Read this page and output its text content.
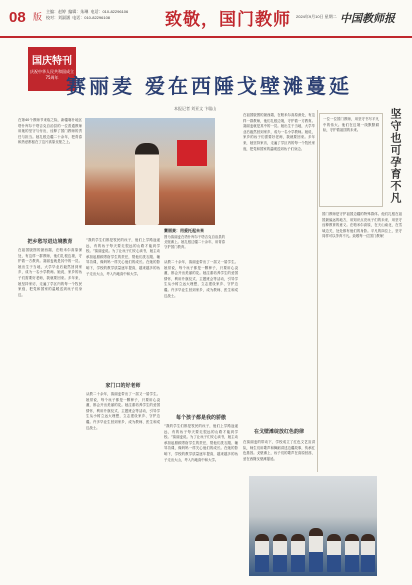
08 版
主编：赵婷  编辑：朱琳  电话：010-82296106
校对：刘淑涵  电话：010-82296108	致敬，国门教师 2024年9月10日 星期二 中国教师报
国庆特刊
庆祝中华人民共和国成立75周年 赛丽麦 爱在西陲戈壁滩蔓延
本报记者 刘亚文 卞聪山
赛丽麦：用爱托起未来
图为赛丽麦在塔什库尔干塔吉克自治县的戈壁滩上。她扎根边疆二十余年，用青春守护国门教育。
在第40个教师节来临之际，新疆喀什地区塔什库尔干塔吉克自治县的一位普通教师用她的坚守与付出，诠释了国门教师的责任与担当。她扎根边疆二十余年，把青春和热爱都留在了这片高原戈壁之上。
把乡愁写进边境教育
在祖国版图的最西端，在帕米尔高原深处，有这样一群教师，他们扎根边境，守护着一方教育。赛丽麦就是其中的一员。她出生于当地，大学毕业后毅然回到家乡，成为一名小学教师。她说，家乡的孩子们需要好老师，我就要回来。多年来，她坚持家访，走遍了学区内的每一个牧民家庭，把党和国家的温暖送到孩子们身边。
“我的学生们都是牧民的孩子，他们上学路途遥远，有的孩子每天要走很远的山路才能到学校。”赛丽麦说。为了让孩子们安心读书，她主动承担起照顾寄宿学生的责任，帮他们洗衣服、辅导功课，像妈妈一样关心他们的成长。在她的影响下，学校的教学质量逐年提高，越来越多的孩子走出大山，考入内地高中和大学。
家门口的好老师
从教二十余年，赛丽麦带出了一届又一届学生。她常说，每个孩子都是一颗种子，只要用心浇灌，都会开出美丽的花。她注重培养学生的爱国情怀，利用升旗仪式、主题班会等活动，引导学生从小树立远大理想，立志建设家乡、守护边疆。许多毕业生回到家乡，成为教师、医生和戍边战士。
从教二十余年，赛丽麦带出了一届又一届学生。她常说，每个孩子都是一颗种子，只要用心浇灌，都会开出美丽的花。她注重培养学生的爱国情怀，利用升旗仪式、主题班会等活动，引导学生从小树立远大理想，立志建设家乡、守护边疆。许多毕业生回到家乡，成为教师、医生和戍边战士。
每个孩子都是我的骄傲
“我的学生们都是牧民的孩子，他们上学路途遥远，有的孩子每天要走很远的山路才能到学校。”赛丽麦说。为了让孩子们安心读书，她主动承担起照顾寄宿学生的责任，帮他们洗衣服、辅导功课，像妈妈一样关心他们的成长。在她的影响下，学校的教学质量逐年提高，越来越多的孩子走出大山，考入内地高中和大学。
在祖国版图的最西端，在帕米尔高原深处，有这样一群教师，他们扎根边境，守护着一方教育。赛丽麦就是其中的一员。她出生于当地，大学毕业后毅然回到家乡，成为一名小学教师。她说，家乡的孩子们需要好老师，我就要回来。多年来，她坚持家访，走遍了学区内的每一个牧民家庭，把党和国家的温暖送到孩子们身边。
在戈壁滩绽放红色韵律
在赛丽麦的带动下，学校成立了红色文艺宣讲队，师生们用歌声和舞蹈讲述边疆故事，传承红色基因。戈壁滩上，孩子们的歌声在高原回荡，爱在西陲戈壁滩蔓延。
一位一位国门教师，用坚守书写平凡中的伟大。他们在边境一线默默耕耘，守护着祖国的未来。	坚守也可孕育不凡
国门教师是守护祖国边疆的特殊群体。他们扎根在祖国最偏远的地方，用知识点亮孩子们的未来，用坚守诠释教育的意义。在帕米尔高原，在天山南北，在雪域边关，处处都有他们的身影。平凡的岗位上，坚守同样可以孕育不凡。致敬每一位国门教师！
